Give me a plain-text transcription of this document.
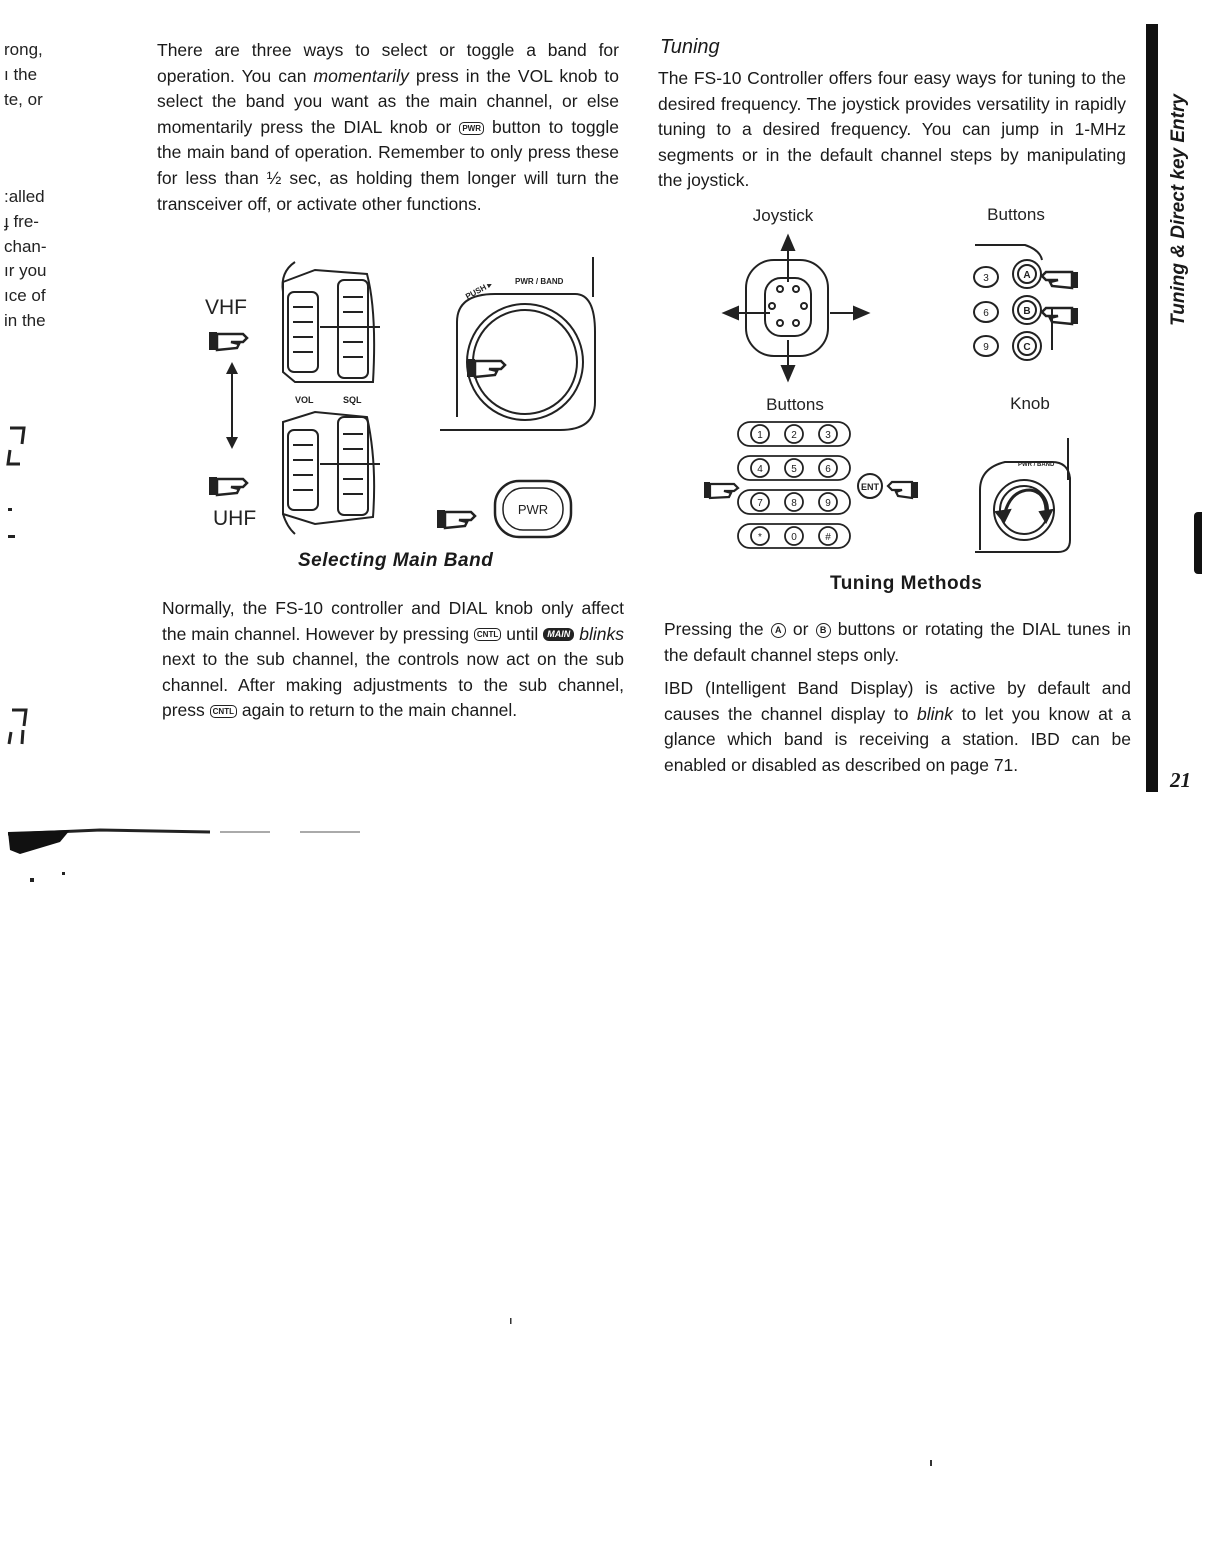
rong,
ı the
te, or
:alled
ɟ fre-
chan-
ır you
ıce of
in the

There are three ways to select or toggle a band for operation. You can momentarily press in the VOL knob to select the band you want as the main channel, or else momentarily press the DIAL knob or PWR button to toggle the main band of operation. Remember to only press these for less than ½ sec, as holding them longer will turn the transceiver off, or activate other functions.

VHF
UHF
VOL	SQL
PUSH ▸	PWR / BAND
PWR
Selecting Main Band

Normally, the FS-10 controller and DIAL knob only affect the main channel. However by pressing CNTL until MAIN blinks next to the sub channel, the controls now act on the sub channel. After making adjustments to the sub channel, press CNTL again to return to the main channel.

Tuning
The FS-10 Controller offers four easy ways for tuning to the desired frequency. The joystick provides versatility in rapidly tuning to a desired frequency. You can jump in 1-MHz segments or in the default channel steps by manipulating the joystick.
Joystick	Buttons
3
6
9
A
B
C
Buttons	Knob
1	2	3
4	5	6
7	8	9
*	0	#
ENT
PWR / BAND
Tuning Methods

Pressing the A or B buttons or rotating the DIAL tunes in the default channel steps only.

IBD (Intelligent Band Display) is active by default and causes the channel display to blink to let you know at a glance which band is receiving a station. IBD can be enabled or disabled as described on page 71.

Tuning & Direct key Entry
21
